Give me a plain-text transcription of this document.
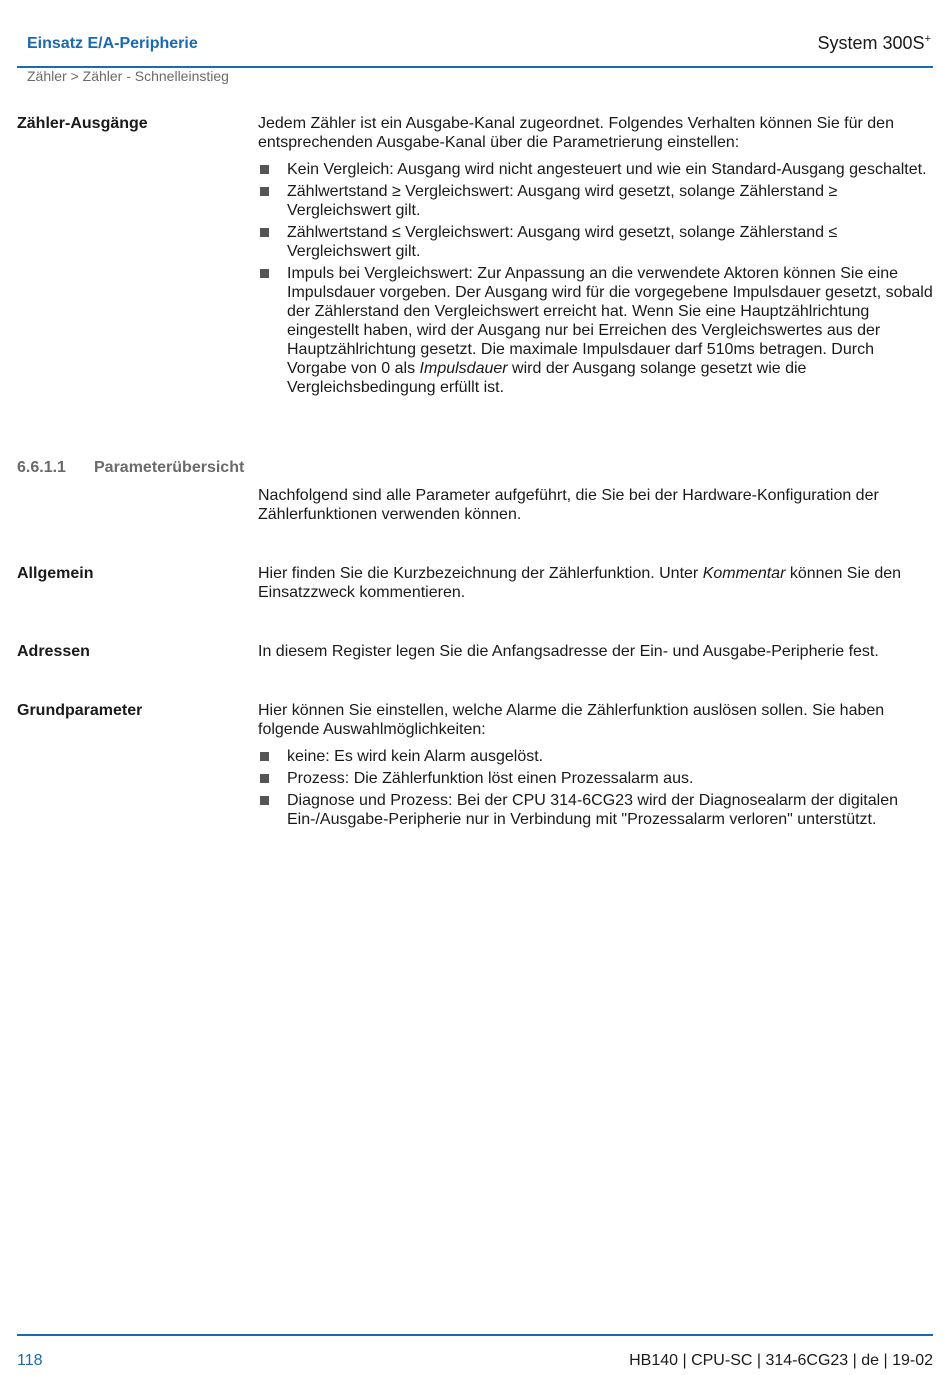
Einsatz E/A-Peripherie	System 300S+
Zähler > Zähler - Schnelleinstieg
Zähler-Ausgänge	Jedem Zähler ist ein Ausgabe-Kanal zugeordnet. Folgendes Verhalten können Sie für den entsprechenden Ausgabe-Kanal über die Parametrierung einstellen:

Kein Vergleich: Ausgang wird nicht angesteuert und wie ein Standard-Ausgang geschaltet.
Zählwertstand ≥ Vergleichswert: Ausgang wird gesetzt, solange Zählerstand ≥ Vergleichswert gilt.
Zählwertstand ≤ Vergleichswert: Ausgang wird gesetzt, solange Zählerstand ≤ Vergleichswert gilt.
Impuls bei Vergleichswert: Zur Anpassung an die verwendete Aktoren können Sie eine Impulsdauer vorgeben. Der Ausgang wird für die vorgegebene Impulsdauer gesetzt, sobald der Zählerstand den Vergleichswert erreicht hat. Wenn Sie eine Hauptzählrichtung eingestellt haben, wird der Ausgang nur bei Erreichen des Vergleichswertes aus der Hauptzählrichtung gesetzt. Die maximale Impulsdauer darf 510ms betragen. Durch Vorgabe von 0 als Impulsdauer wird der Ausgang solange gesetzt wie die Vergleichsbedingung erfüllt ist.
6.6.1.1	Parameterübersicht
Nachfolgend sind alle Parameter aufgeführt, die Sie bei der Hardware-Konfiguration der Zählerfunktionen verwenden können.
Allgemein	Hier finden Sie die Kurzbezeichnung der Zählerfunktion. Unter Kommentar können Sie den Einsatzzweck kommentieren.
Adressen	In diesem Register legen Sie die Anfangsadresse der Ein- und Ausgabe-Peripherie fest.
Grundparameter	Hier können Sie einstellen, welche Alarme die Zählerfunktion auslösen sollen. Sie haben folgende Auswahlmöglichkeiten:

keine: Es wird kein Alarm ausgelöst.
Prozess: Die Zählerfunktion löst einen Prozessalarm aus.
Diagnose und Prozess: Bei der CPU 314-6CG23 wird der Diagnosealarm der digitalen Ein-/Ausgabe-Peripherie nur in Verbindung mit "Prozessalarm verloren" unterstützt.
118	HB140 | CPU-SC | 314-6CG23 | de | 19-02
